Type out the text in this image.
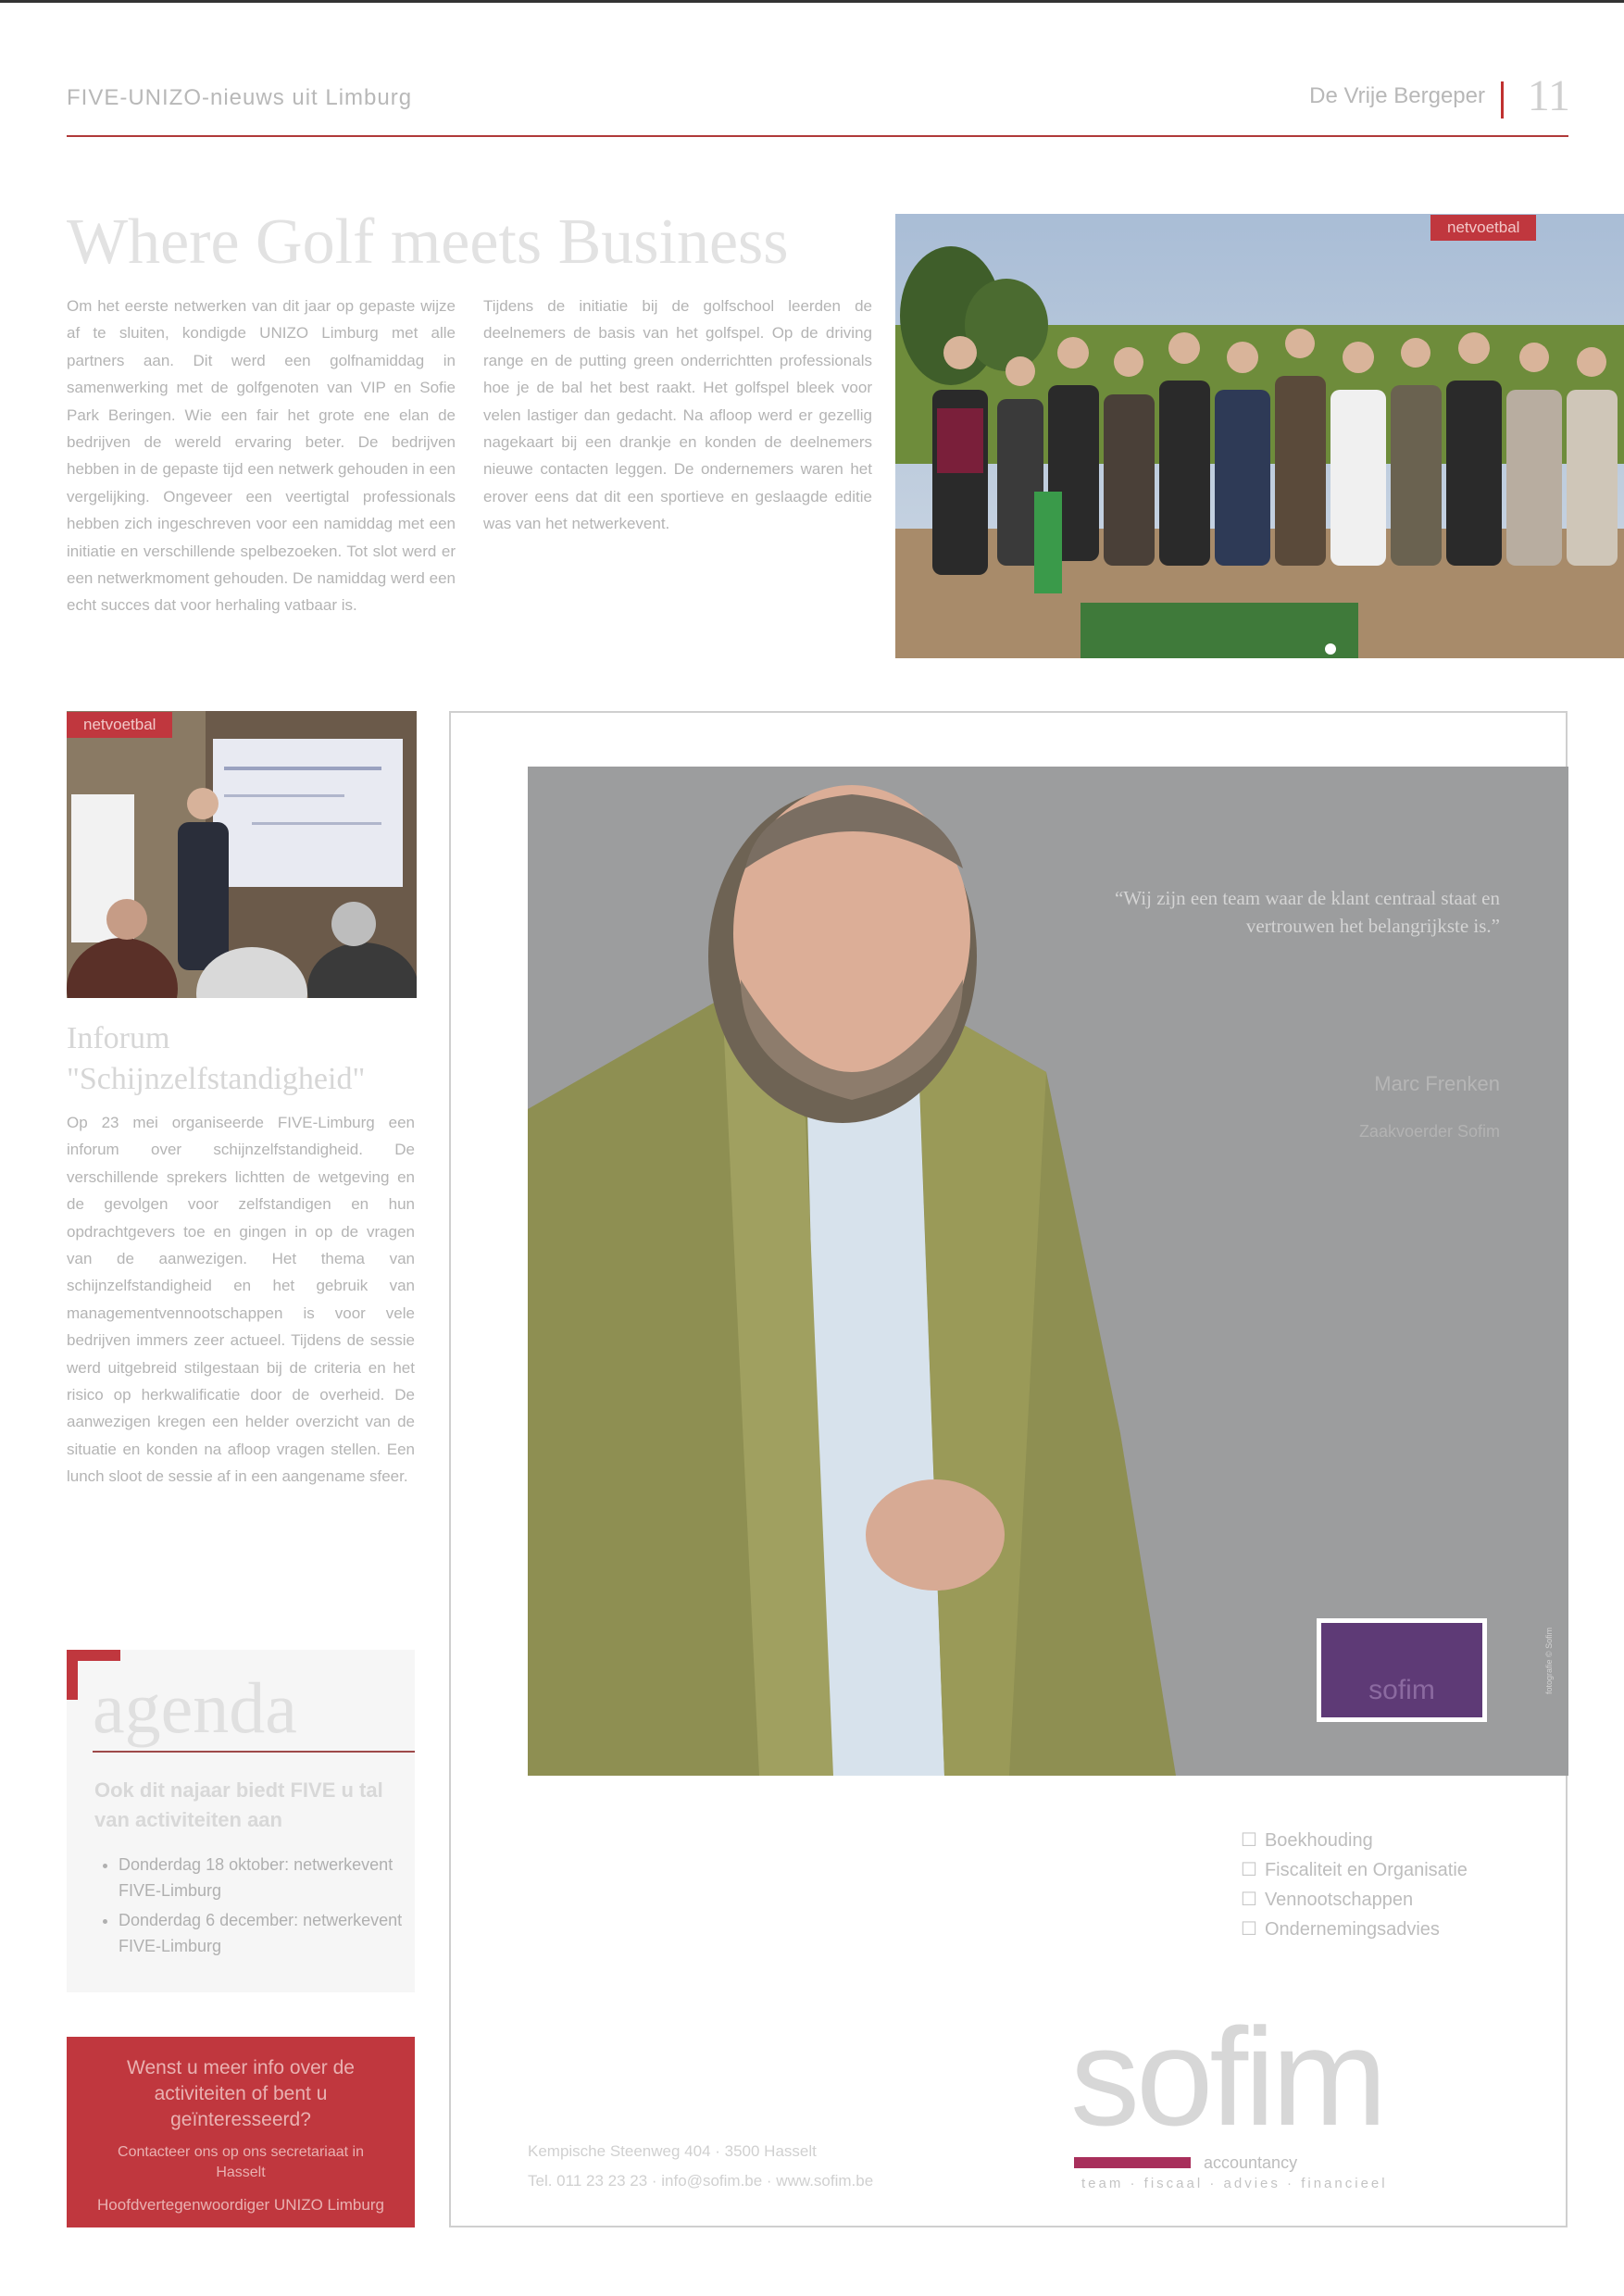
FIVE-UNIZO-nieuws uit Limburg	De Vrije Bergeper 11
Where Golf meets Business
Om het eerste netwerken van dit jaar op gepaste wijze af te sluiten, kondigde UNIZO Limburg met alle partners aan. Dit werd een golfnamiddag in samenwerking met de golfgenoten van VIP en Sofie Park Beringen. Wie een fair het grote ene elan de bedrijven de wereld ervaring beter. De bedrijven hebben in de gepaste tijd een netwerk gehouden in een vergelijking. Ongeveer een veertigtal professionals hebben zich ingeschreven voor een namiddag met een initiatie en verschillende spelbezoeken. Tot slot werd er een netwerkmoment gehouden. De namiddag werd een echt succes dat voor herhaling vatbaar is.
Tijdens de initiatie bij de golfschool leerden de deelnemers de basis van het golfspel. Op de driving range en de putting green onderrichtten professionals hoe je de bal het best raakt. Het golfspel bleek voor velen lastiger dan gedacht. Na afloop werd er gezellig nagekaart bij een drankje en konden de deelnemers nieuwe contacten leggen. De ondernemers waren het erover eens dat dit een sportieve en geslaagde editie was van het netwerkevent.
netvoetbal
netvoetbal
Inforum "Schijnzelfstandigheid"
Op 23 mei organiseerde FIVE-Limburg een inforum over schijnzelfstandigheid. De verschillende sprekers lichtten de wetgeving en de gevolgen voor zelfstandigen en hun opdrachtgevers toe en gingen in op de vragen van de aanwezigen. Het thema van schijnzelfstandigheid en het gebruik van managementvennootschappen is voor vele bedrijven immers zeer actueel. Tijdens de sessie werd uitgebreid stilgestaan bij de criteria en het risico op herkwalificatie door de overheid. De aanwezigen kregen een helder overzicht van de situatie en konden na afloop vragen stellen. Een lunch sloot de sessie af in een aangename sfeer.
agenda
Ook dit najaar biedt FIVE u tal van activiteiten aan
• Donderdag 18 oktober: netwerkevent FIVE-Limburg
• Donderdag 6 december: netwerkevent FIVE-Limburg
Wenst u meer info over de activiteiten of bent u geïnteresseerd?
Contacteer ons op ons secretariaat in Hasselt
Hoofdvertegenwoordiger UNIZO Limburg
“Wij zijn een team waar de klant centraal staat en vertrouwen het belangrijkste is.”
Marc Frenken
Zaakvoerder Sofim
sofim	fotografie © Sofim
☐ Boekhouding
☐ Fiscaliteit en Organisatie
☐ Vennootschappen
☐ Ondernemingsadvies
Kempische Steenweg 404 · 3500 Hasselt
Tel. 011 23 23 23 · info@sofim.be · www.sofim.be
sofim
accountancy
team · fiscaal · advies · financieel
